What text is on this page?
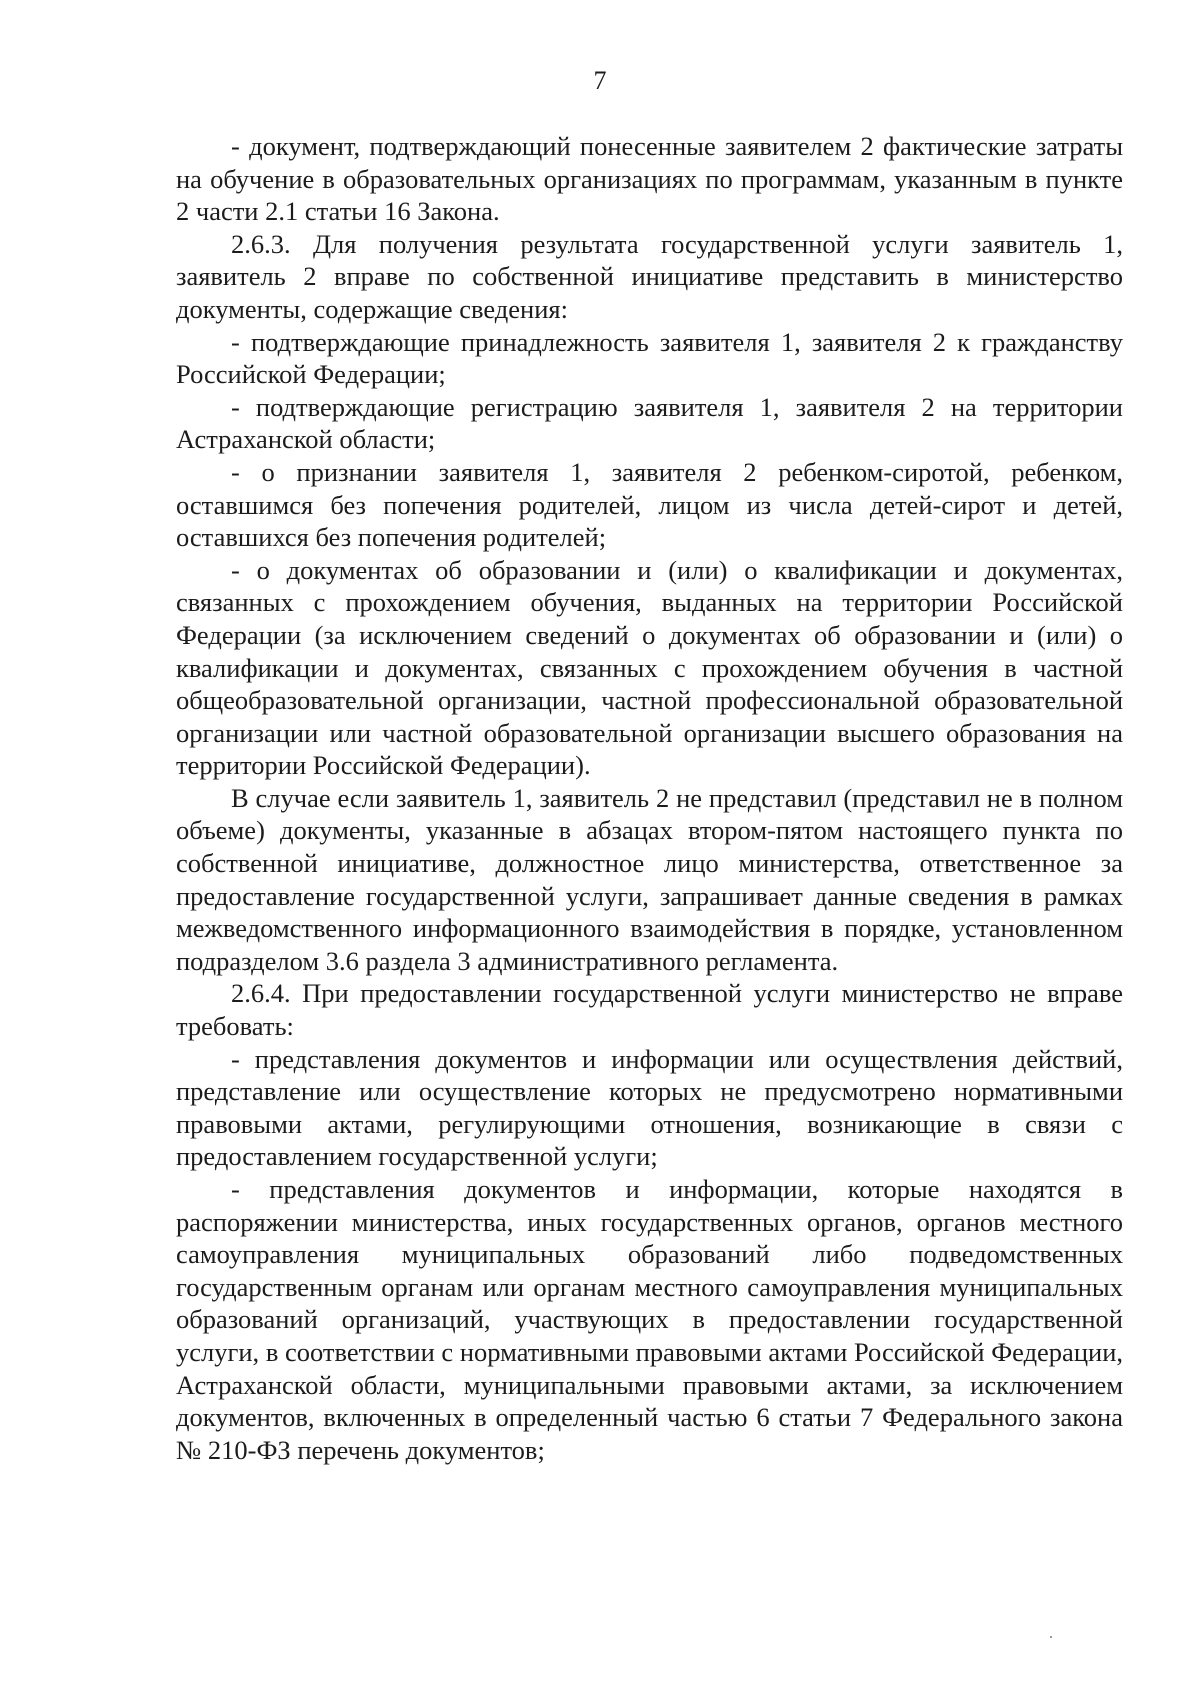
7

- документ, подтверждающий понесенные заявителем 2 фактические затраты на обучение в образовательных организациях по программам, указанным в пункте 2 части 2.1 статьи 16 Закона.

2.6.3. Для получения результата государственной услуги заявитель 1, заявитель 2 вправе по собственной инициативе представить в министерство документы, содержащие сведения:

- подтверждающие принадлежность заявителя 1, заявителя 2 к гражданству Российской Федерации;

- подтверждающие регистрацию заявителя 1, заявителя 2 на территории Астраханской области;

- о признании заявителя 1, заявителя 2 ребенком-сиротой, ребенком, оставшимся без попечения родителей, лицом из числа детей-сирот и детей, оставшихся без попечения родителей;

- о документах об образовании и (или) о квалификации и документах, связанных с прохождением обучения, выданных на территории Российской Федерации (за исключением сведений о документах об образовании и (или) о квалификации и документах, связанных с прохождением обучения в частной общеобразовательной организации, частной профессиональной образовательной организации или частной образовательной организации высшего образования на территории Российской Федерации).

В случае если заявитель 1, заявитель 2 не представил (представил не в полном объеме) документы, указанные в абзацах втором-пятом настоящего пункта по собственной инициативе, должностное лицо министерства, ответственное за предоставление государственной услуги, запрашивает данные сведения в рамках межведомственного информационного взаимодействия в порядке, установленном подразделом 3.6 раздела 3 административного регламента.

2.6.4. При предоставлении государственной услуги министерство не вправе требовать:

- представления документов и информации или осуществления действий, представление или осуществление которых не предусмотрено нормативными правовыми актами, регулирующими отношения, возникающие в связи с предоставлением государственной услуги;

- представления документов и информации, которые находятся в распоряжении министерства, иных государственных органов, органов местного самоуправления муниципальных образований либо подведомственных государственным органам или органам местного самоуправления муниципальных образований организаций, участвующих в предоставлении государственной услуги, в соответствии с нормативными правовыми актами Российской Федерации, Астраханской области, муниципальными правовыми актами, за исключением документов, включенных в определенный частью 6 статьи 7 Федерального закона № 210-ФЗ перечень документов;
